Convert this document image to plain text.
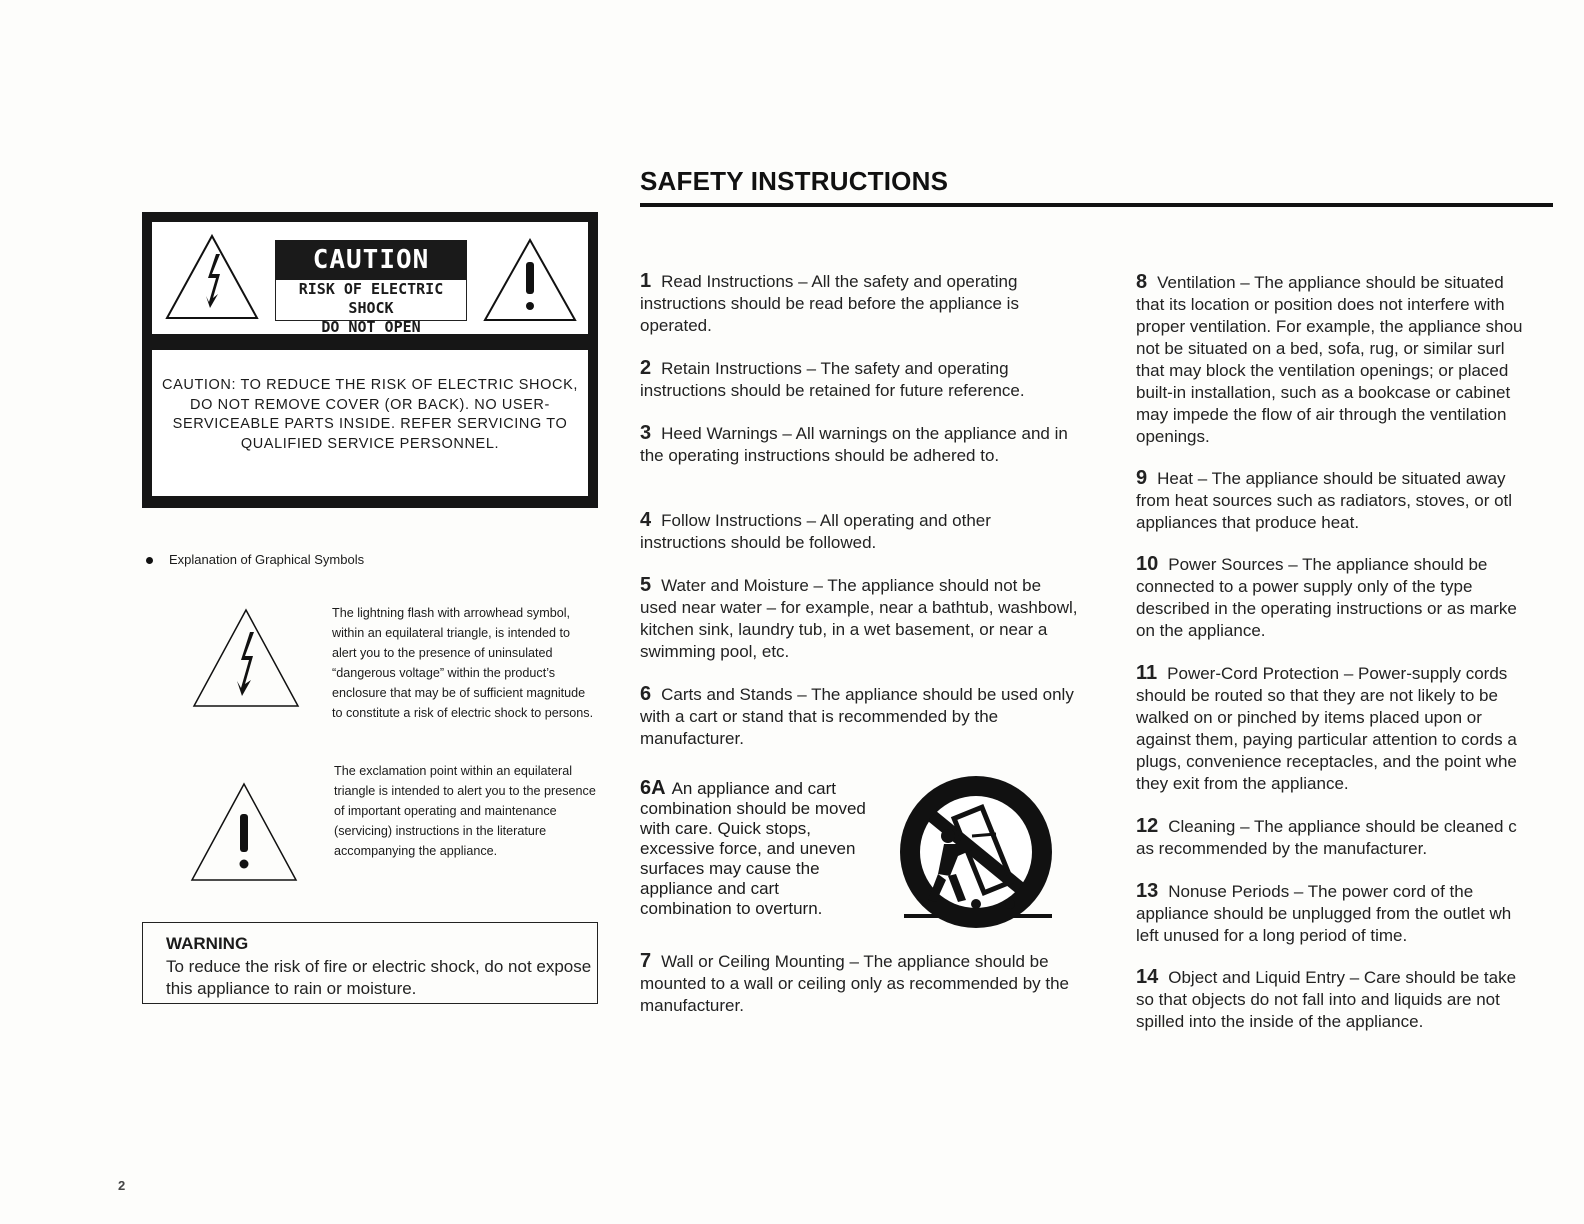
SAFETY INSTRUCTIONS
CAUTION
RISK OF ELECTRIC SHOCK
DO NOT OPEN
CAUTION: TO REDUCE THE RISK OF ELECTRIC SHOCK, DO NOT REMOVE COVER (OR BACK). NO USER-SERVICEABLE PARTS INSIDE. REFER SERVICING TO QUALIFIED SERVICE PERSONNEL.
Explanation of Graphical Symbols
The lightning flash with arrowhead symbol, within an equilateral triangle, is intended to alert you to the presence of uninsulated “dangerous voltage” within the product’s enclosure that may be of sufficient magnitude to constitute a risk of electric shock to persons.
The exclamation point within an equilateral triangle is intended to alert you to the presence of important operating and maintenance (servicing) instructions in the literature accompanying the appliance.
WARNING
To reduce the risk of fire or electric shock, do not expose this appliance to rain or moisture.
1 Read Instructions – All the safety and operating instructions should be read before the appliance is operated.
2 Retain Instructions – The safety and operating instructions should be retained for future reference.
3 Heed Warnings – All warnings on the appliance and in the operating instructions should be adhered to.
4 Follow Instructions – All operating and other instructions should be followed.
5 Water and Moisture – The appliance should not be used near water – for example, near a bathtub, washbowl, kitchen sink, laundry tub, in a wet basement, or near a swimming pool, etc.
6 Carts and Stands – The appliance should be used only with a cart or stand that is recommended by the manufacturer.
6A An appliance and cart combination should be moved with care. Quick stops, excessive force, and uneven surfaces may cause the appliance and cart combination to overturn.
7 Wall or Ceiling Mounting – The appliance should be mounted to a wall or ceiling only as recommended by the manufacturer.
8 Ventilation – The appliance should be situated
that its location or position does not interfere with
proper ventilation. For example, the appliance shou
not be situated on a bed, sofa, rug, or similar surl
that may block the ventilation openings; or placed
built-in installation, such as a bookcase or cabinet
may impede the flow of air through the ventilation
openings.
9 Heat – The appliance should be situated away
from heat sources such as radiators, stoves, or otl
appliances that produce heat.
10 Power Sources – The appliance should be
connected to a power supply only of the type
described in the operating instructions or as marke
on the appliance.
11 Power-Cord Protection – Power-supply cords
should be routed so that they are not likely to be
walked on or pinched by items placed upon or
against them, paying particular attention to cords a
plugs, convenience receptacles, and the point whe
they exit from the appliance.
12 Cleaning – The appliance should be cleaned c
as recommended by the manufacturer.
13 Nonuse Periods – The power cord of the
appliance should be unplugged from the outlet wh
left unused for a long period of time.
14 Object and Liquid Entry – Care should be take
so that objects do not fall into and liquids are not
spilled into the inside of the appliance.
2
